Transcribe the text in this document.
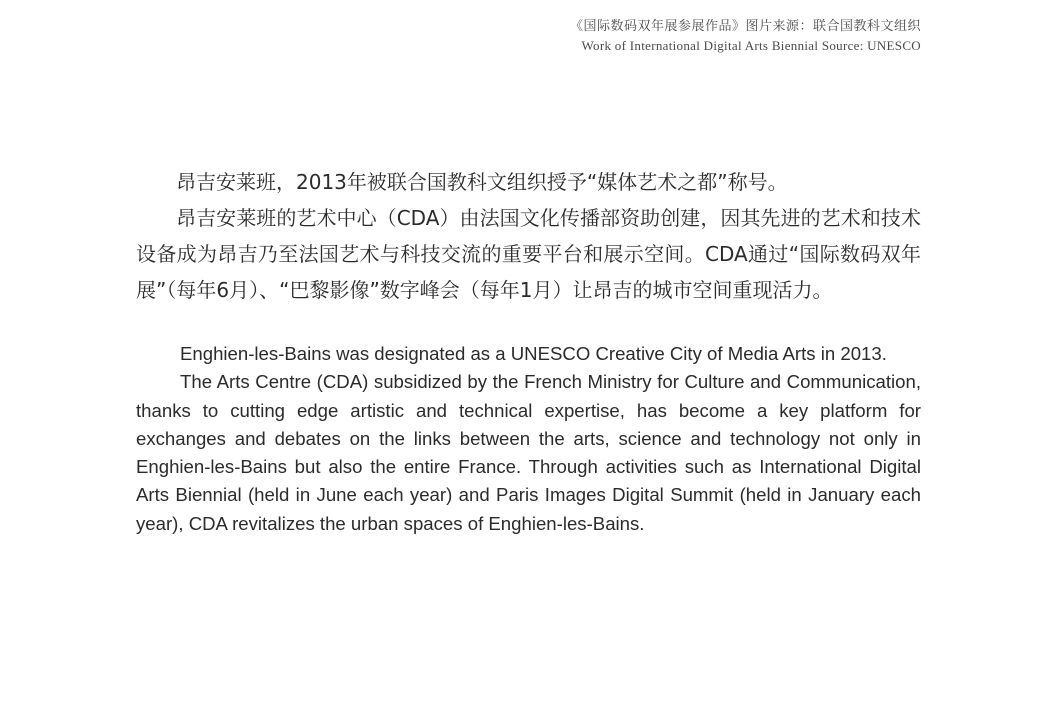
《国际数码双年展参展作品》图片来源：联合国教科文组织
Work of International Digital Arts Biennial Source: UNESCO

昂吉安莱班，2013年被联合国教科文组织授予“媒体艺术之都”称号。

昂吉安莱班的艺术中心（CDA）由法国文化传播部资助创建，因其先进的艺术和技术设备成为昂吉乃至法国艺术与科技交流的重要平台和展示空间。CDA通过“国际数码双年展”（每年6月）、“巴黎影像”数字峰会（每年1月）让昂吉的城市空间重现活力。

Enghien-les-Bains was designated as a UNESCO Creative City of Media Arts in 2013.

The Arts Centre (CDA) subsidized by the French Ministry for Culture and Communication, thanks to cutting edge artistic and technical expertise, has become a key platform for exchanges and debates on the links between the arts, science and technology not only in Enghien-les-Bains but also the entire France. Through activities such as International Digital Arts Biennial (held in June each year) and Paris Images Digital Summit (held in January each year), CDA revitalizes the urban spaces of Enghien-les-Bains.
